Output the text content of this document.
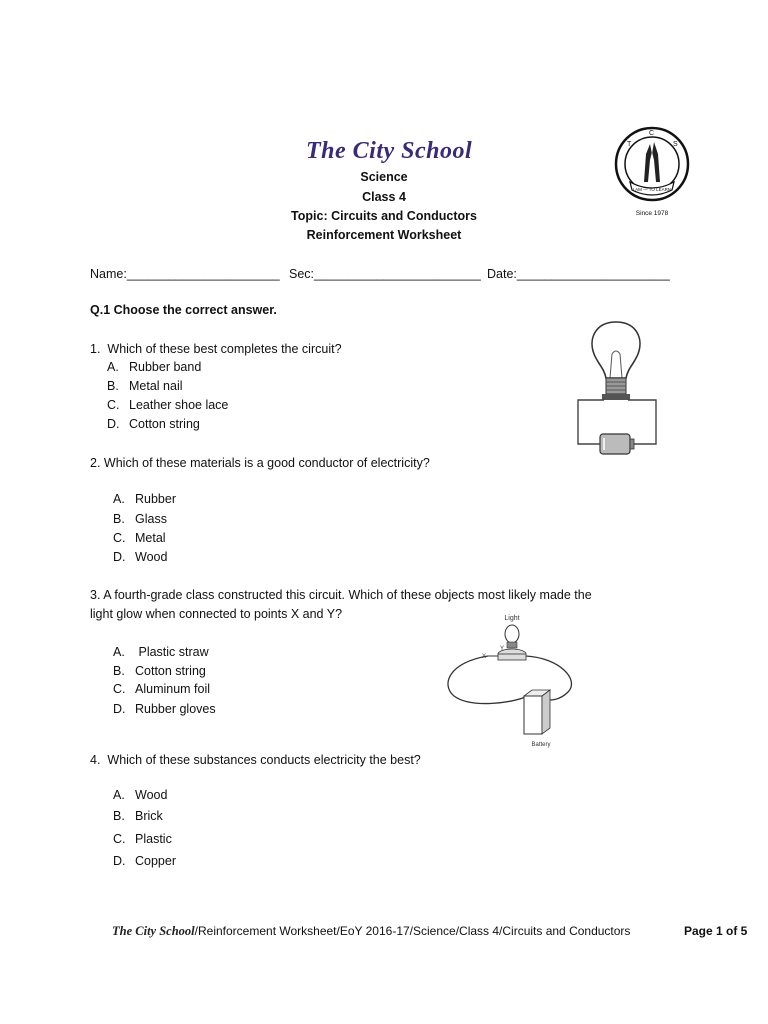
The City School	T
C
S
I AM — TO LEARN
Since 1978
Science
Class 4
Topic: Circuits and Conductors
Reinforcement Worksheet
Name:______________________ Sec:________________________ Date:______________________
Q.1 Choose the correct answer.
1. Which of these best completes the circuit?
A. Rubber band
B. Metal nail
C. Leather shoe lace
D. Cotton string
2. Which of these materials is a good conductor of electricity?
A. Rubber
B. Glass
C. Metal
D. Wood
3. A fourth-grade class constructed this circuit. Which of these objects most likely made the
light glow when connected to points X and Y?
A. Plastic straw
B. Cotton string
C. Aluminum foil
D. Rubber gloves
Light
X
Y
Battery
4. Which of these substances conducts electricity the best?
A. Wood
B. Brick
C. Plastic
D. Copper
The City School/Reinforcement Worksheet/EoY 2016-17/Science/Class 4/Circuits and Conductors	Page 1 of 5
